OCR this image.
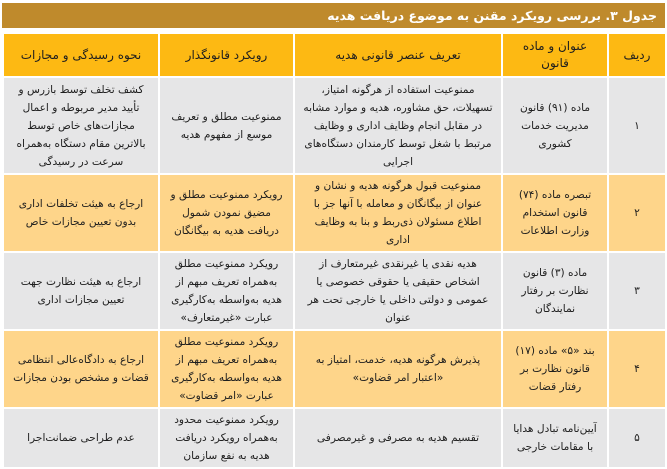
جدول ۳. بررسی رویکرد مقنن به موضوع دریافت هدیه
ردیف	عنوان و ماده قانون	تعریف عنصر قانونی هدیه	رویکرد قانونگذار	نحوه رسیدگی و مجازات
۱	ماده (۹۱) قانون مدیریت خدمات کشوری	ممنوعیت استفاده از هرگونه امتیاز، تسهیلات، حق مشاوره، هدیه و موارد مشابه در مقابل انجام وظایف اداری و وظایف مرتبط با شغل توسط کارمندان دستگاه‌های اجرایی	ممنوعیت مطلق و تعریف موسع از مفهوم هدیه	کشف تخلف توسط بازرس و تأیید مدیر مربوطه و اعمال مجازات‌های خاص توسط بالاترین مقام دستگاه به‌همراه سرعت در رسیدگی
۲	تبصره ماده (۷۴) قانون استخدام وزارت اطلاعات	ممنوعیت قبول هرگونه هدیه و نشان و عنوان از بیگانگان و معامله با آنها جز با اطلاع مسئولان ذی‌ربط و بنا به وظایف اداری	رویکرد ممنوعیت مطلق و مضیق نمودن شمول دریافت هدیه به بیگانگان	ارجاع به هیئت تخلفات اداری بدون تعیین مجازات خاص
۳	ماده (۳) قانون نظارت بر رفتار نمایندگان	هدیه نقدی یا غیرنقدی غیرمتعارف از اشخاص حقیقی یا حقوقی خصوصی یا عمومی و دولتی داخلی یا خارجی تحت هر عنوان	رویکرد ممنوعیت مطلق به‌همراه تعریف مبهم از هدیه به‌واسطه به‌کارگیری عبارت «غیرمتعارف»	ارجاع به هیئت نظارت جهت تعیین مجازات اداری
۴	بند «۵» ماده (۱۷) قانون نظارت بر رفتار قضات	پذیرش هرگونه هدیه، خدمت، امتیاز به «اعتبار امر قضاوت»	رویکرد ممنوعیت مطلق به‌همراه تعریف مبهم از هدیه به‌واسطه به‌کارگیری عبارت «امر قضاوت»	ارجاع به دادگاه‌عالی انتظامی قضات و مشخص بودن مجازات
۵	آیین‌نامه تبادل هدایا با مقامات خارجی	تقسیم هدیه به مصرفی و غیرمصرفی	رویکرد ممنوعیت محدود به‌همراه رویکرد دریافت هدیه به نفع سازمان	عدم طراحی ضمانت‌اجرا
